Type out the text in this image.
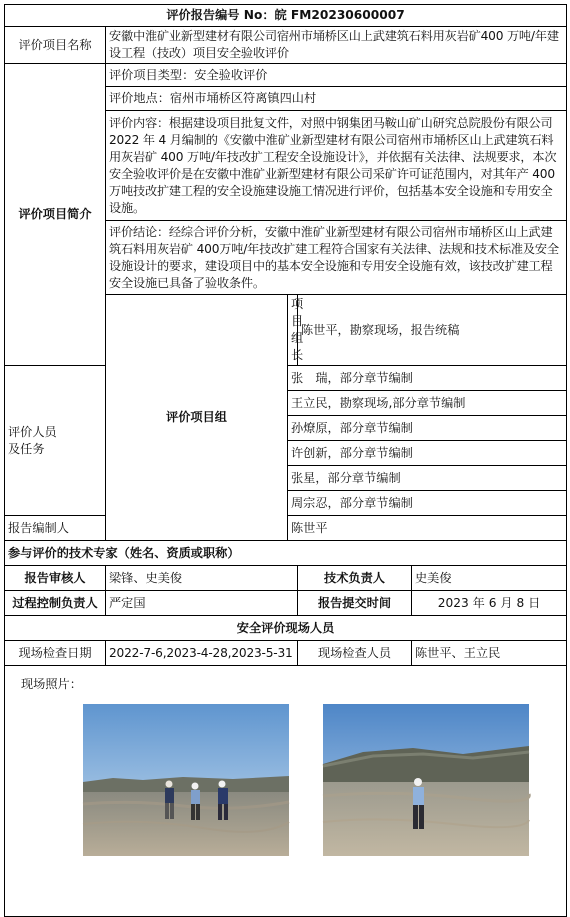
评价报告编号 No：皖 FM20230600007				
评价项目名称	安徽中淮矿业新型建材有限公司宿州市埇桥区山上武建筑石料用灰岩矿400 万吨/年建设工程（技改）项目安全验收评价			
评价项目简介	评价项目类型：安全验收评价			
	评价地点：宿州市埇桥区符离镇四山村			
	评价内容：根据建设项目批复文件，对照中钢集团马鞍山矿山研究总院股份有限公司 2022 年 4 月编制的《安徽中淮矿业新型建材有限公司宿州市埇桥区山上武建筑石料用灰岩矿 400 万吨/年技改扩工程安全设施设计》，并依据有关法律、法规要求，本次安全验收评价是在安徽中淮矿业新型建材有限公司采矿许可证范围内，对其年产 400 万吨技改扩建工程的安全设施建设施工情况进行评价，包括基本安全设施和专用安全设施。			
	评价结论：经综合评价分析，安徽中淮矿业新型建材有限公司宿州市埇桥区山上武建筑石料用灰岩矿 400万吨/年技改扩建工程符合国家有关法律、法规和技术标准及安全设施设计的要求，建设项目中的基本安全设施和专用安全设施有效，该技改扩建工程安全设施已具备了验收条件。			
	评价项目组	项目组长	陈世平，勘察现场，报告统稿	
评价人员
及任务		张　瑞，部分章节编制		
		王立民，勘察现场,部分章节编制		
		孙燎原，部分章节编制		
		许创新，部分章节编制		
		张星，部分章节编制		
		周宗忍，部分章节编制		
报告编制人		陈世平		
参与评价的技术专家（姓名、资质或职称）				
报告审核人	梁锋、史美俊		技术负责人	史美俊
过程控制负责人	严定国		报告提交时间	2023 年 6 月 8 日
安全评价现场人员				
现场检查日期	2022-7-6,2023-4-28,2023-5-31		现场检查人员	陈世平、王立民

现场照片：				
